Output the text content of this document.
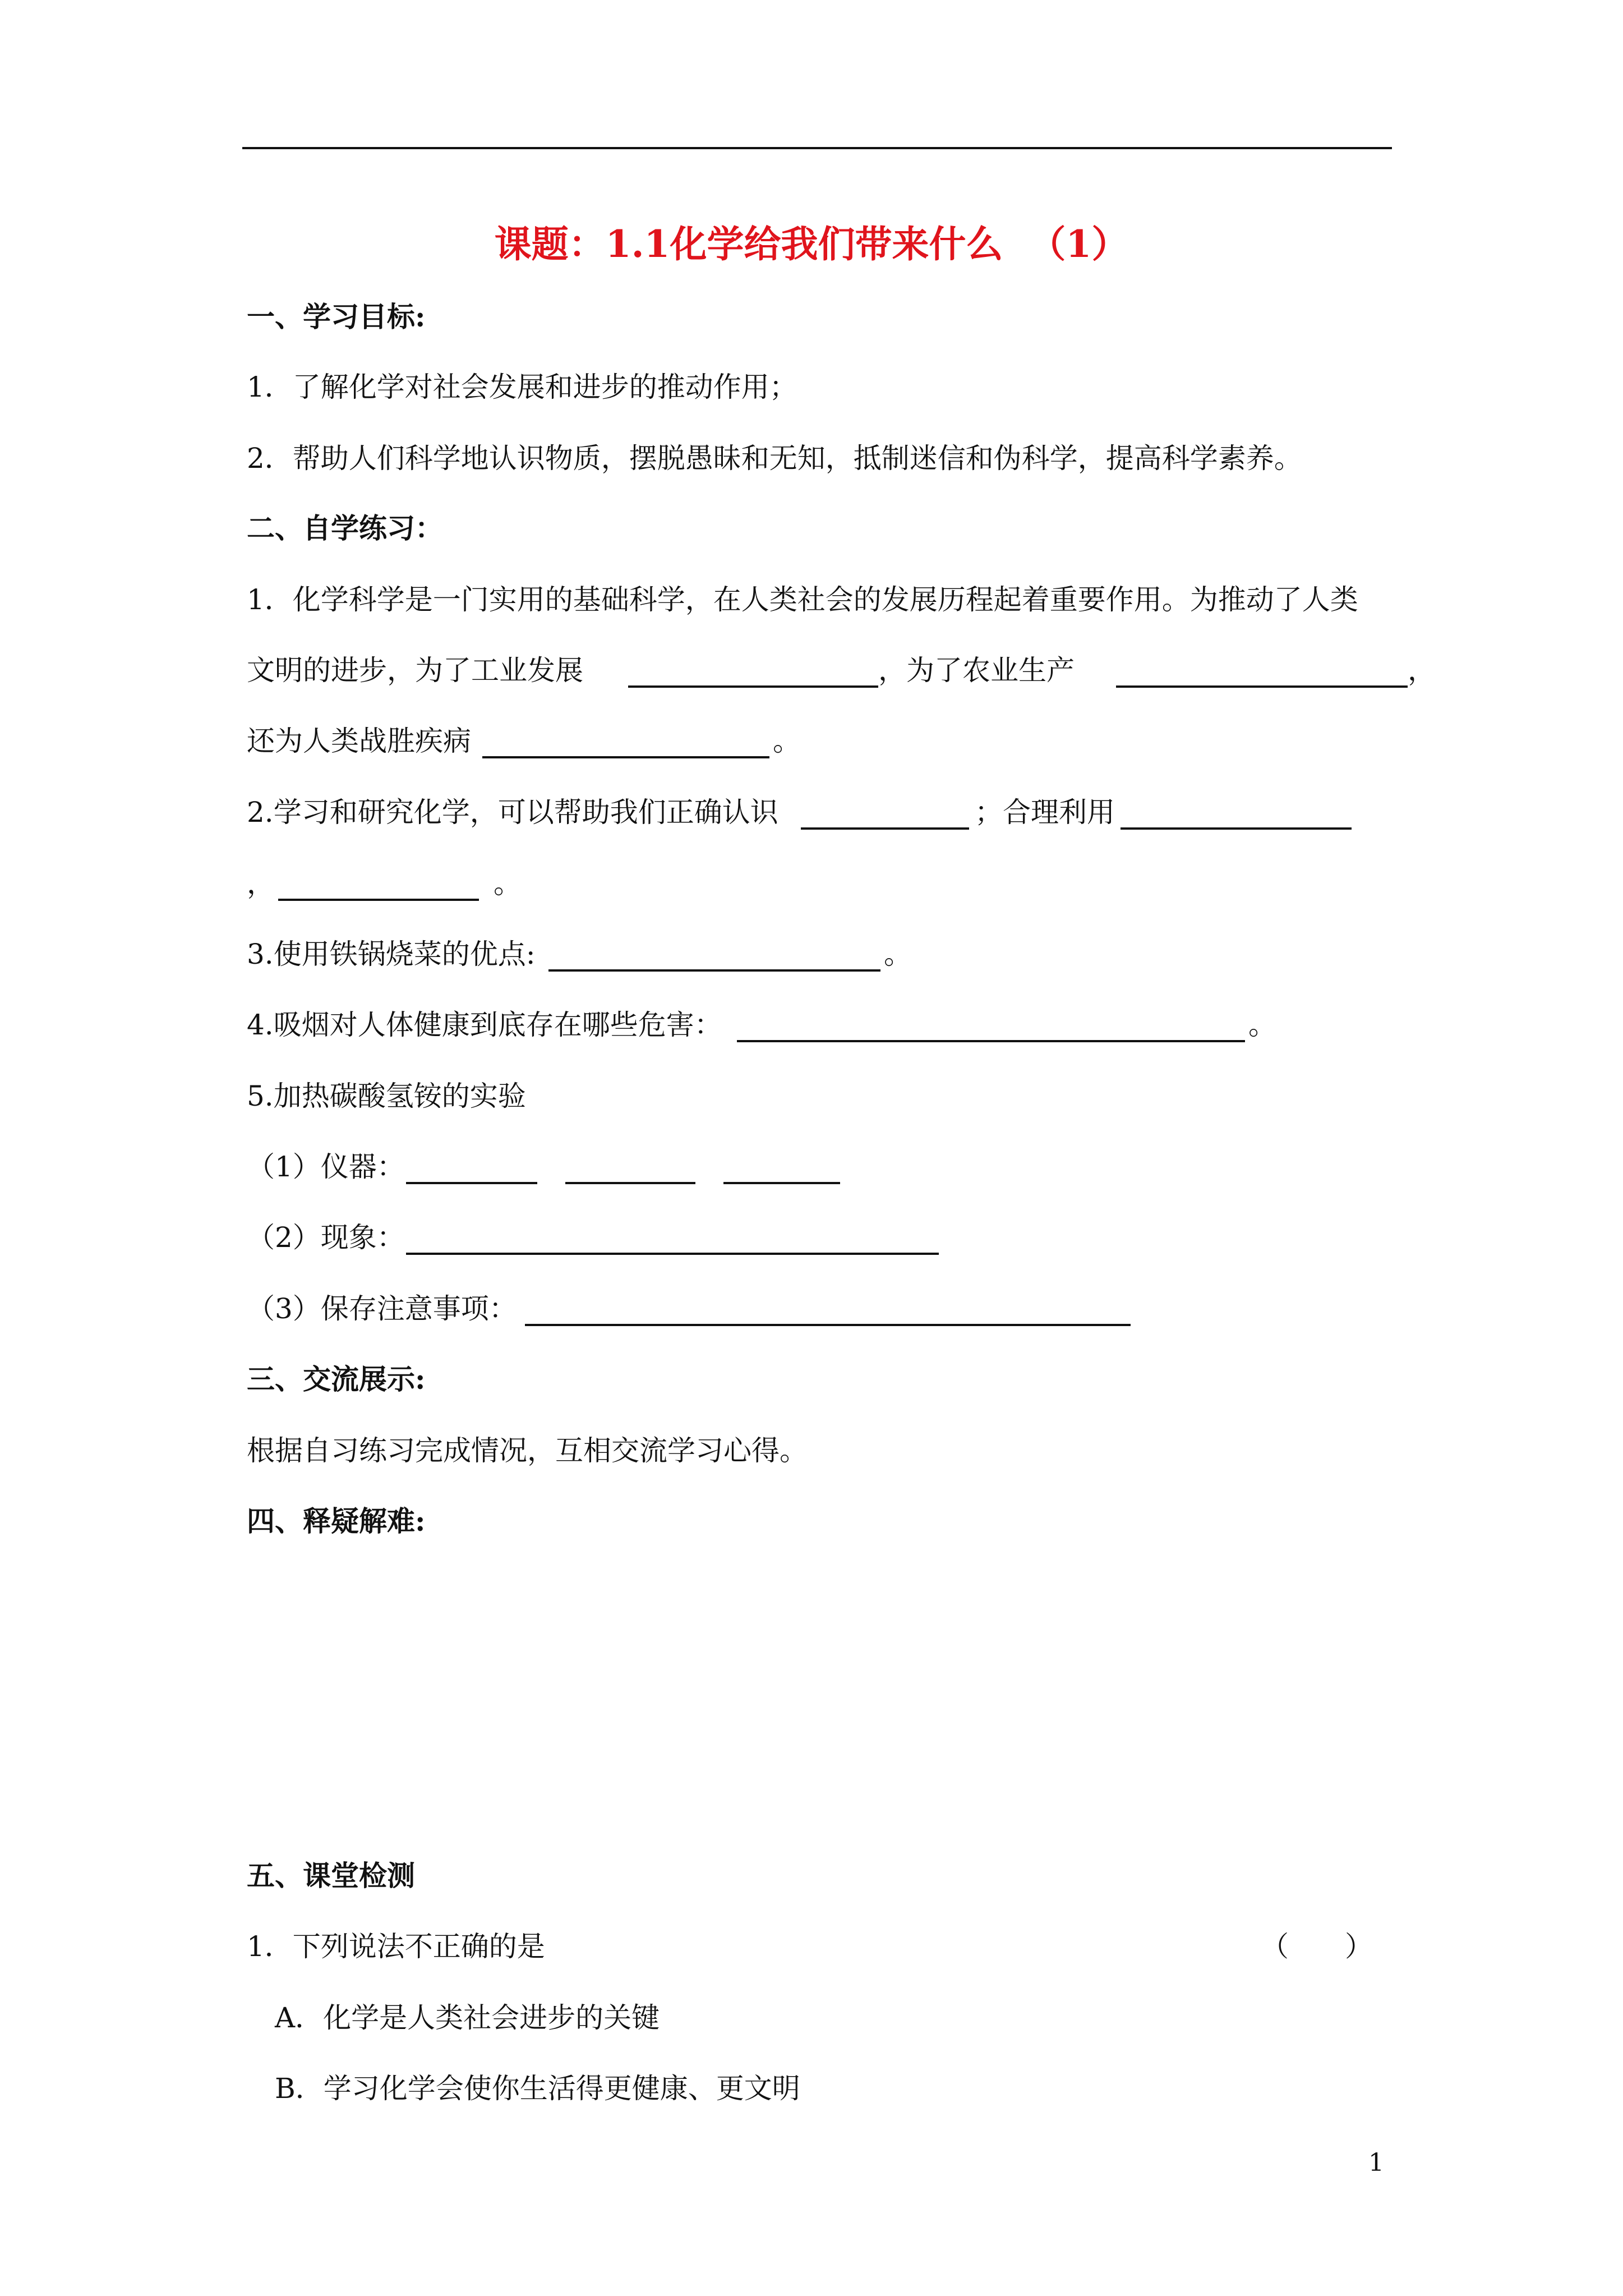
课题：1.1化学给我们带来什么  （1）
一、学习目标:
1．了解化学对社会发展和进步的推动作用；
2．帮助人们科学地认识物质，摆脱愚昧和无知，抵制迷信和伪科学，提高科学素养。
二、自学练习：
1．化学科学是一门实用的基础科学，在人类社会的发展历程起着重要作用。为推动了人类
文明的进步，为了工业发展	，为了农业生产	，
还为人类战胜疾病	。
2.学习和研究化学，可以帮助我们正确认识	；合理利用
，	。
3.使用铁锅烧菜的优点:	。
4.吸烟对人体健康到底存在哪些危害：	。
5.加热碳酸氢铵的实验
（1）仪器：
（2）现象：
（3）保存注意事项：
三、交流展示:
根据自习练习完成情况，互相交流学习心得。
四、释疑解难:
五、课堂检测
1．下列说法不正确的是	（　　）
A．化学是人类社会进步的关键
B．学习化学会使你生活得更健康、更文明
1
